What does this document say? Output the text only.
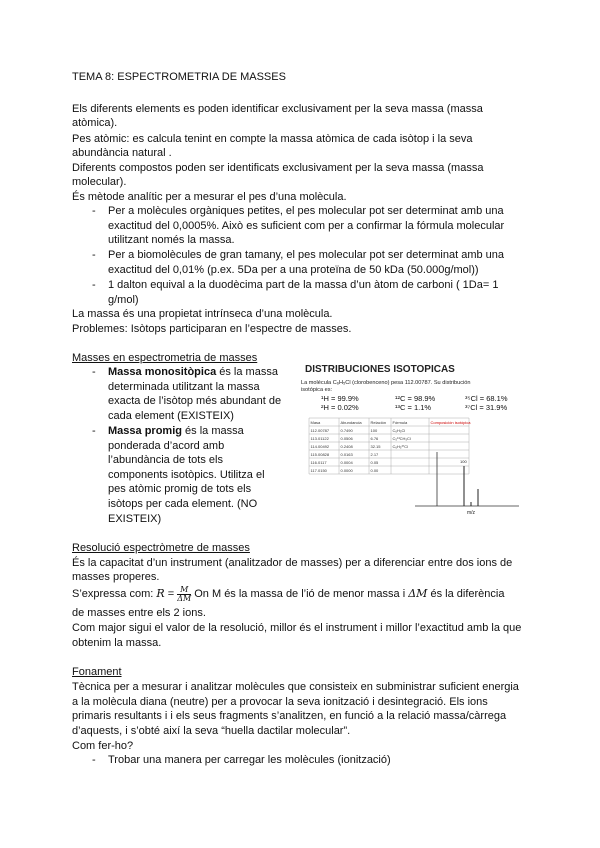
TEMA 8: ESPECTROMETRIA DE MASSES
Els diferents elements es poden identificar exclusivament per la seva massa (massa
atòmica).
Pes atòmic: es calcula tenint en compte la massa atòmica de cada isòtop i la seva
abundància natural .
Diferents compostos poden ser identificats exclusivament per la seva massa (massa
molecular).
És mètode analític per a mesurar el pes d’una molècula.
- Per a molècules orgàniques petites, el pes molecular pot ser determinat amb una
exactitud del 0,0005%. Això es suficient com per a confirmar la fórmula molecular
utilitzant només la massa.
- Per a biomolècules de gran tamany, el pes molecular pot ser determinat amb una
exactitud del 0,01% (p.ex. 5Da per a una proteïna de 50 kDa (50.000g/mol))
- 1 dalton equival a la duodècima part de la massa d’un àtom de carboni ( 1Da= 1
g/mol)
La massa és una propietat intrínseca d’una molècula.
Problemes: Isòtops participaran en l’espectre de masses.
Masses en espectrometria de masses
- Massa monositòpica és la massa
determinada utilitzant la massa
exacta de l’isòtop més abundant de
cada element (EXISTEIX)
- Massa promig és la massa
ponderada d’acord amb
l’abundància de tots els
components isotòpics. Utilitza el
pes atòmic promig de tots els
isòtops per cada element. (NO
EXISTEIX)
DISTRIBUCIONES ISOTOPICAS
La molécula C₆H₅Cl (clorobenceno) pesa 112.00787. Su distribución
isotópica es:
¹H = 99.9%	¹²C = 98.9%	³⁵Cl = 68.1%
²H = 0.02%	¹³C = 1.1%	³⁷Cl = 31.9%
Masa	Abundancia Relación Fórmula	Composición isotópica
112.00787	0.7490	100	C₆H₅Cl
113.01122	0.0506	6.76	C₅¹³CH₅Cl
114.00492	0.2408	32.15	C₆H₅³⁷Cl
115.00828	0.0163	2.17
116.0117	0.0004	0.05
117.0150	0.0000	0.00
100
m/z
Resolució espectròmetre de masses
És la capacitat d’un instrument (analitzador de masses) per a diferenciar entre dos ions de
masses properes.
S’expressa com: $R = \frac{M}{\Delta M}$ On M és la massa de l’ió de menor massa i ΔM és la diferència
de masses entre els 2 ions.
Com major sigui el valor de la resolució, millor és el instrument i millor l’exactitud amb la que
obtenim la massa.
Fonament
Tècnica per a mesurar i analitzar molècules que consisteix en subministrar suficient energia
a la molècula diana (neutre) per a provocar la seva ionització i desintegració. Els ions
primaris resultants i i els seus fragments s’analitzen, en funció a la relació massa/càrrega
d’aquests, i s’obté així la seva “huella dactilar molecular”.
Com fer-ho?
- Trobar una manera per carregar les molècules (ionització)
